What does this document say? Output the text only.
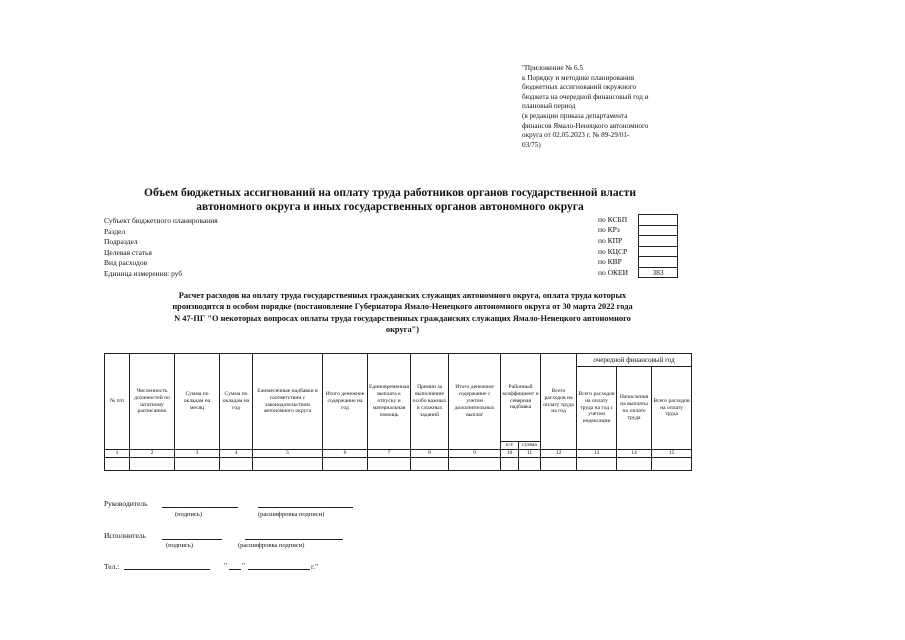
"Приложение № 6.5
к Порядку и методике планирования
бюджетных ассигнований окружного
бюджета на очередной финансовый год и
плановый период
(в редакции приказа департамента
финансов Ямало-Ненецкого автономного
округа от 02.05.2023 г. № 89-29/01-
03/75)
Объем бюджетных ассигнований на оплату труда работников органов государственной власти
автономного округа и иных государственных органов автономного округа
Субъект бюджетного планирования
Раздел
Подраздел
Целевая статья
Вид расходов
Единица измерения: руб
по КСБП
по КРз
по КПР
по КЦСР
по КВР
по ОКЕИ	383
Расчет расходов на оплату труда государственных гражданских служащих автономного округа, оплата труда которых
производится в особом порядке (постановление Губернатора Ямало-Ненецкого автономного округа от 30 марта 2022 года
N 47-ПГ "О некоторых вопросах оплаты труда государственных гражданских служащих Ямало-Ненецкого автономного
округа")
№ п/п	Численность должностей по штатному расписанию	Сумма по окладам на месяц	Сумма по окладам на год	Ежемесячные надбавки в соответствии с законодательством автономного округа	Итого денежное содержание на год	Единовременная выплата к отпуску и материальная помощь	Премии за выполнение особо важных и сложных заданий	Итого денежное содержание с учетом дополнительных выплат	Районный коэффициент и северная надбавка		Всего расходов на оплату труда на год	очередной финансовый год		
												Всего расходов на оплату труда на год с учетом индексации	Начисления на выплаты по оплате труда	Всего расходов на оплату труда
									к-т	сумма				
1	2	3	4	5	6	7	8	9	10	11	12	13	14	15

Руководитель
(подпись)	(расшифровка подписи)
Исполнитель
(подпись)	(расшифровка подписи)
Тел.:	" "	г."
